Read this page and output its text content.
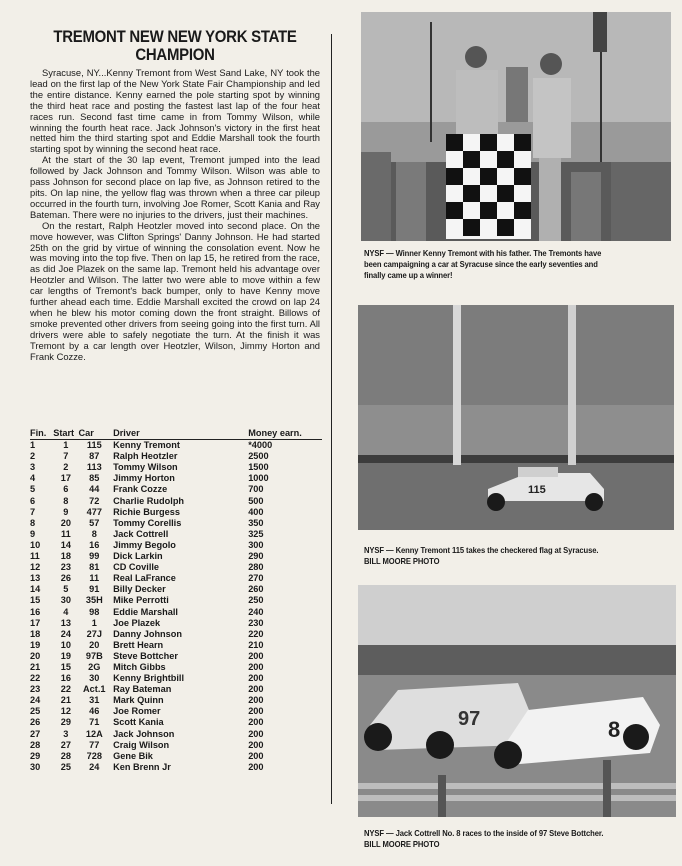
TREMONT NEW NEW YORK STATE
CHAMPION

Syracuse, NY...Kenny Tremont from West Sand Lake, NY took the lead on the first lap of the New York State Fair Championship and led the entire distance. Kenny earned the pole starting spot by winning the third heat race and posting the fastest last lap of the four heat races run. Second fast time came in from Tommy Wilson, while winning the fourth heat race. Jack Johnson's victory in the first heat netted him the third starting spot and Eddie Marshall took the fourth starting spot by winning the second heat race.

At the start of the 30 lap event, Tremont jumped into the lead followed by Jack Johnson and Tommy Wilson. Wilson was able to pass Johnson for second place on lap five, as Johnson retired to the pits. On lap nine, the yellow flag was thrown when a three car pileup occurred in the fourth turn, involving Joe Romer, Scott Kania and Ray Bateman. There were no injuries to the drivers, just their machines.

On the restart, Ralph Heotzler moved into second place. On the move however, was Clifton Springs' Danny Johnson. He had started 25th on the grid by virtue of winning the consolation event. Now he was moving into the top five. Then on lap 15, he retired from the race, as did Joe Plazek on the same lap. Tremont held his advantage over Heotzler and Wilson. The latter two were able to move within a few car lengths of Tremont's back bumper, only to have Kenny move further ahead each time. Eddie Marshall excited the crowd on lap 24 when he blew his motor coming down the front straight. Billows of smoke prevented other drivers from seeing going into the first turn. All drivers were able to safely negotiate the turn. At the finish it was Tremont by a car length over Heotzler, Wilson, Jimmy Horton and Frank Cozze.

Fin.	Start	Car	Driver	Money earn.
1	1	115	Kenny Tremont	*4000
2	7	87	Ralph Heotzler	2500
3	2	113	Tommy Wilson	1500
4	17	85	Jimmy Horton	1000
5	6	44	Frank Cozze	700
6	8	72	Charlie Rudolph	500
7	9	477	Richie Burgess	400
8	20	57	Tommy Corellis	350
9	11	8	Jack Cottrell	325
10	14	16	Jimmy Begolo	300
11	18	99	Dick Larkin	290
12	23	81	CD Coville	280
13	26	11	Real LaFrance	270
14	5	91	Billy Decker	260
15	30	35H	Mike Perrotti	250
16	4	98	Eddie Marshall	240
17	13	1	Joe Plazek	230
18	24	27J	Danny Johnson	220
19	10	20	Brett Hearn	210
20	19	97B	Steve Bottcher	200
21	15	2G	Mitch Gibbs	200
22	16	30	Kenny Brightbill	200
23	22	Act.1	Ray Bateman	200
24	21	31	Mark Quinn	200
25	12	46	Joe Romer	200
26	29	71	Scott Kania	200
27	3	12A	Jack Johnson	200
28	27	77	Craig Wilson	200
29	28	728	Gene Bik	200
30	25	24	Ken Brenn Jr	200
NYSF — Winner Kenny Tremont with his father. The Tremonts have
been campaigning a car at Syracuse since the early seventies and
finally came up a winner!
115
NYSF — Kenny Tremont 115 takes the checkered flag at Syracuse.
BILL MOORE PHOTO
97	8
NYSF — Jack Cottrell No. 8 races to the inside of 97 Steve Bottcher.
BILL MOORE PHOTO
